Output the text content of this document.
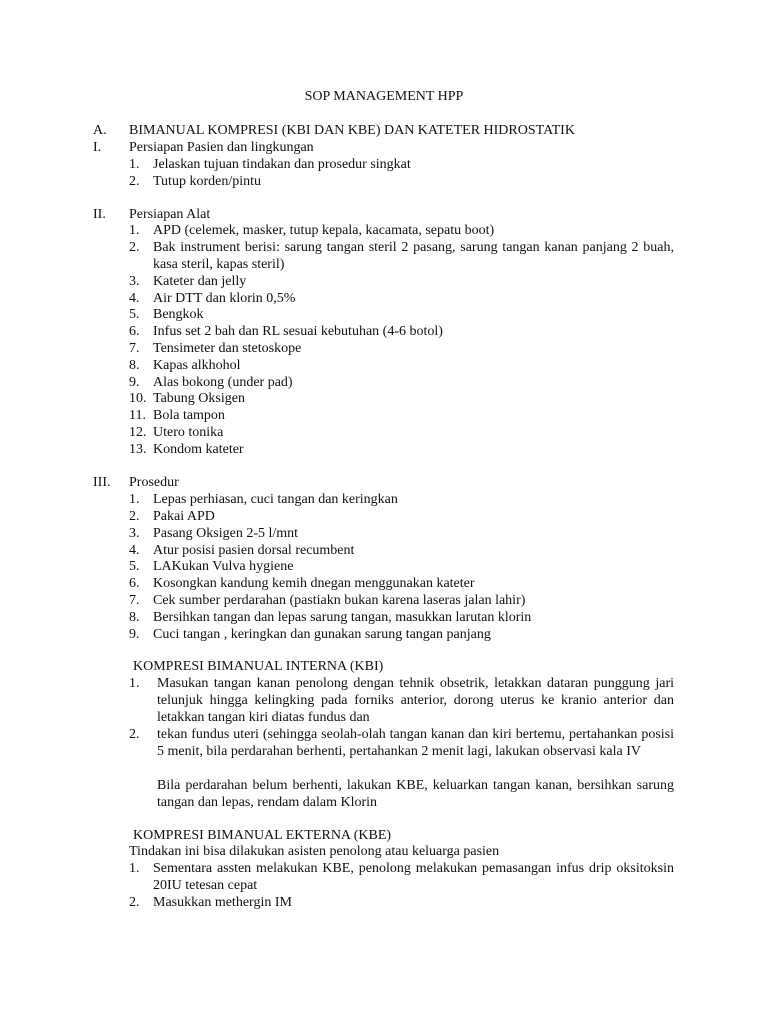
SOP MANAGEMENT HPP
A. BIMANUAL KOMPRESI (KBI DAN KBE) DAN KATETER HIDROSTATIK
I. Persiapan Pasien dan lingkungan
1. Jelaskan tujuan tindakan dan prosedur singkat
2. Tutup korden/pintu
II. Persiapan Alat
1. APD (celemek, masker, tutup kepala, kacamata, sepatu boot)
2. Bak instrument berisi: sarung tangan steril 2 pasang, sarung tangan kanan panjang 2 buah, kasa steril, kapas steril)
3. Kateter dan jelly
4. Air DTT dan klorin 0,5%
5. Bengkok
6. Infus set 2 bah dan RL sesuai kebutuhan (4-6 botol)
7. Tensimeter dan stetoskope
8. Kapas alkhohol
9. Alas bokong (under pad)
10. Tabung Oksigen
11. Bola tampon
12. Utero tonika
13. Kondom kateter
III. Prosedur
1. Lepas perhiasan, cuci tangan dan keringkan
2. Pakai APD
3. Pasang Oksigen 2-5 l/mnt
4. Atur posisi pasien dorsal recumbent
5. LAKukan Vulva hygiene
6. Kosongkan kandung kemih dnegan menggunakan kateter
7. Cek sumber perdarahan (pastiakn bukan karena laseras jalan lahir)
8. Bersihkan tangan dan lepas sarung tangan, masukkan larutan klorin
9. Cuci tangan , keringkan dan gunakan sarung tangan panjang
KOMPRESI BIMANUAL INTERNA (KBI)
1. Masukan tangan kanan penolong dengan tehnik obsetrik, letakkan dataran punggung jari telunjuk hingga kelingking pada forniks anterior, dorong uterus ke kranio anterior dan letakkan tangan kiri diatas fundus dan
2. tekan fundus uteri (sehingga seolah-olah tangan kanan dan kiri bertemu, pertahankan posisi 5 menit, bila perdarahan berhenti, pertahankan 2 menit lagi, lakukan observasi kala IV
Bila perdarahan belum berhenti, lakukan KBE, keluarkan tangan kanan, bersihkan sarung tangan dan lepas, rendam dalam Klorin
KOMPRESI BIMANUAL EKTERNA (KBE)
Tindakan ini bisa dilakukan asisten penolong atau keluarga pasien
1. Sementara assten melakukan KBE, penolong melakukan pemasangan infus drip oksitoksin 20IU tetesan cepat
2. Masukkan methergin IM
